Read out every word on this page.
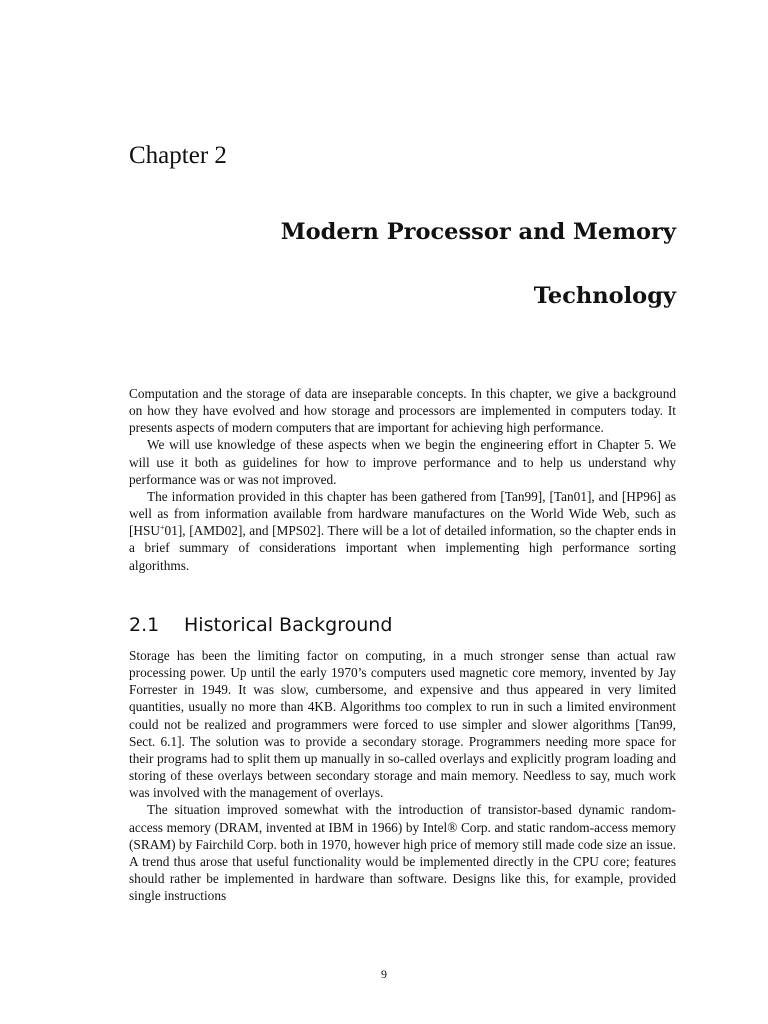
Chapter 2
Modern Processor and Memory
Technology

Computation and the storage of data are inseparable concepts. In this chapter, we give a background on how they have evolved and how storage and processors are implemented in computers today. It presents aspects of modern computers that are important for achieving high performance.

We will use knowledge of these aspects when we begin the engineering effort in Chapter 5. We will use it both as guidelines for how to improve performance and to help us understand why performance was or was not improved.

The information provided in this chapter has been gathered from [Tan99], [Tan01], and [HP96] as well as from information available from hardware manufactures on the World Wide Web, such as [HSU+01], [AMD02], and [MPS02]. There will be a lot of detailed information, so the chapter ends in a brief summary of considerations important when implementing high performance sorting algorithms.

2.1 Historical Background

Storage has been the limiting factor on computing, in a much stronger sense than actual raw processing power. Up until the early 1970’s computers used magnetic core memory, invented by Jay Forrester in 1949. It was slow, cumbersome, and expensive and thus appeared in very limited quantities, usually no more than 4KB. Algorithms too complex to run in such a limited environment could not be realized and programmers were forced to use simpler and slower algorithms [Tan99, Sect. 6.1]. The solution was to provide a secondary storage. Programmers needing more space for their programs had to split them up manually in so-called overlays and explicitly program loading and storing of these overlays between secondary storage and main memory. Needless to say, much work was involved with the management of overlays.

The situation improved somewhat with the introduction of transistor-based dynamic random-access memory (DRAM, invented at IBM in 1966) by Intel® Corp. and static random-access memory (SRAM) by Fairchild Corp. both in 1970, however high price of memory still made code size an issue. A trend thus arose that useful functionality would be implemented directly in the CPU core; features should rather be implemented in hardware than software. Designs like this, for example, provided single instructions

9
